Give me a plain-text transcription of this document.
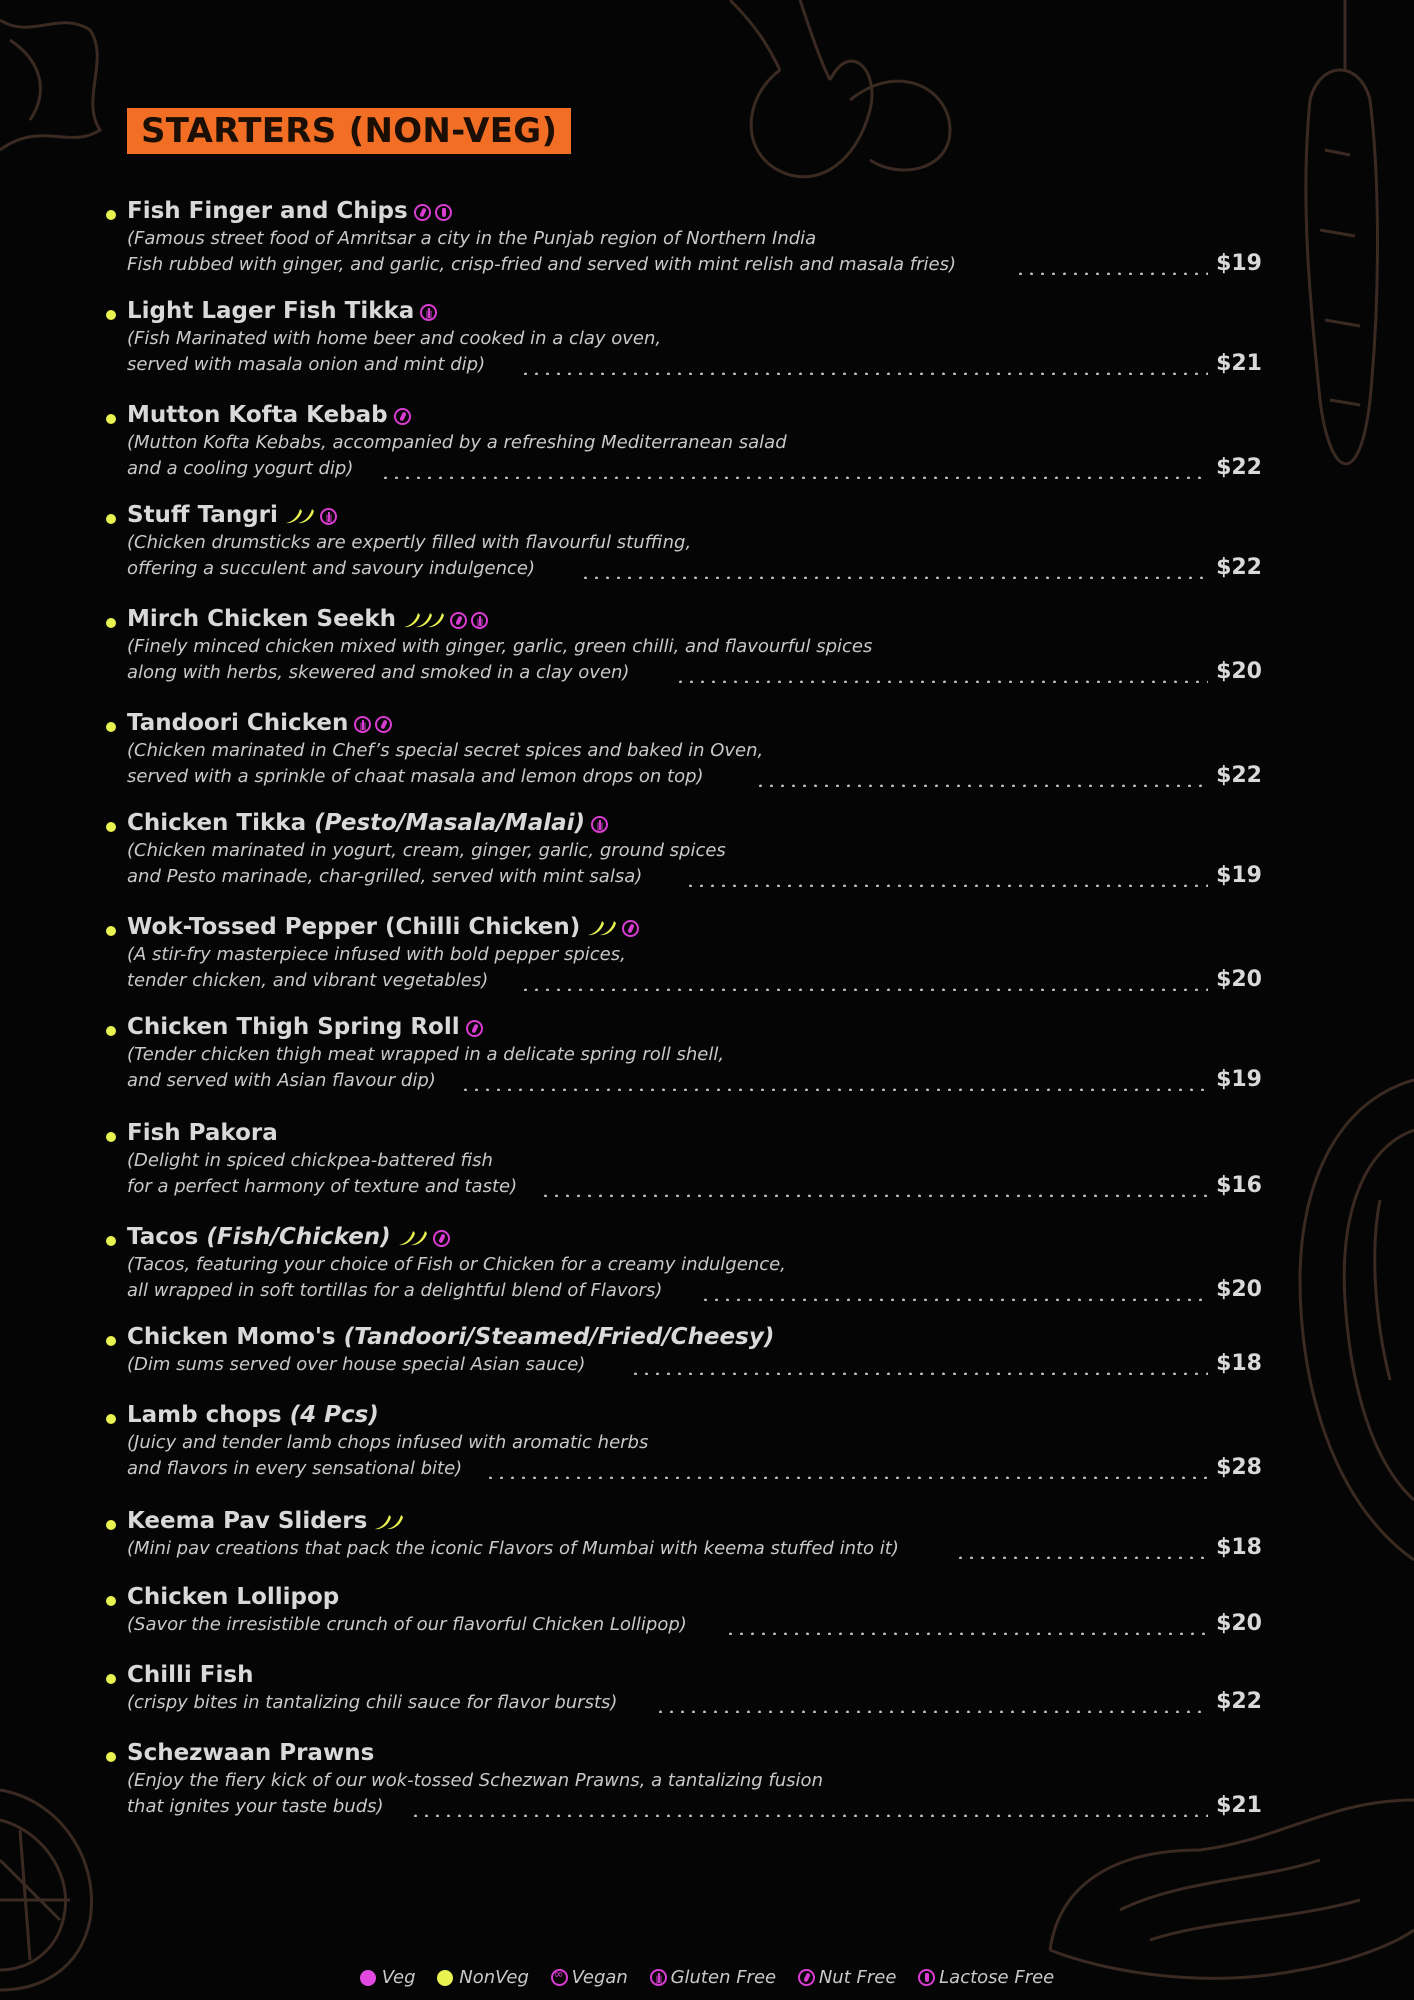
STARTERS (NON-VEG)
Fish Finger and Chips
(Famous street food of Amritsar a city in the Punjab region of Northern India
Fish rubbed with ginger, and garlic, crisp-fried and served with mint relish and masala fries)	$19
Light Lager Fish Tikka
(Fish Marinated with home beer and cooked in a clay oven,
served with masala onion and mint dip)	$21
Mutton Kofta Kebab
(Mutton Kofta Kebabs, accompanied by a refreshing Mediterranean salad
and a cooling yogurt dip)	$22
Stuff Tangri
(Chicken drumsticks are expertly filled with flavourful stuffing,
offering a succulent and savoury indulgence)	$22
Mirch Chicken Seekh
(Finely minced chicken mixed with ginger, garlic, green chilli, and flavourful spices
along with herbs, skewered and smoked in a clay oven)	$20
Tandoori Chicken
(Chicken marinated in Chef’s special secret spices and baked in Oven,
served with a sprinkle of chaat masala and lemon drops on top)	$22
Chicken Tikka (Pesto/Masala/Malai)
(Chicken marinated in yogurt, cream, ginger, garlic, ground spices
and Pesto marinade, char-grilled, served with mint salsa)	$19
Wok-Tossed Pepper (Chilli Chicken)
(A stir-fry masterpiece infused with bold pepper spices,
tender chicken, and vibrant vegetables)	$20
Chicken Thigh Spring Roll
(Tender chicken thigh meat wrapped in a delicate spring roll shell,
and served with Asian flavour dip)	$19
Fish Pakora
(Delight in spiced chickpea-battered fish
for a perfect harmony of texture and taste)	$16
Tacos (Fish/Chicken)
(Tacos, featuring your choice of Fish or Chicken for a creamy indulgence,
all wrapped in soft tortillas for a delightful blend of Flavors)	$20
Chicken Momo's (Tandoori/Steamed/Fried/Cheesy)
(Dim sums served over house special Asian sauce)	$18
Lamb chops (4 Pcs)
(Juicy and tender lamb chops infused with aromatic herbs
and flavors in every sensational bite)	$28
Keema Pav Sliders
(Mini pav creations that pack the iconic Flavors of Mumbai with keema stuffed into it)	$18
Chicken Lollipop
(Savor the irresistible crunch of our flavorful Chicken Lollipop)	$20
Chilli Fish
(crispy bites in tantalizing chili sauce for flavor bursts)	$22
Schezwaan Prawns
(Enjoy the fiery kick of our wok-tossed Schezwan Prawns, a tantalizing fusion
that ignites your taste buds)	$21
Veg NonVeg ∞ Vegan Gluten Free Nut Free Lactose Free
